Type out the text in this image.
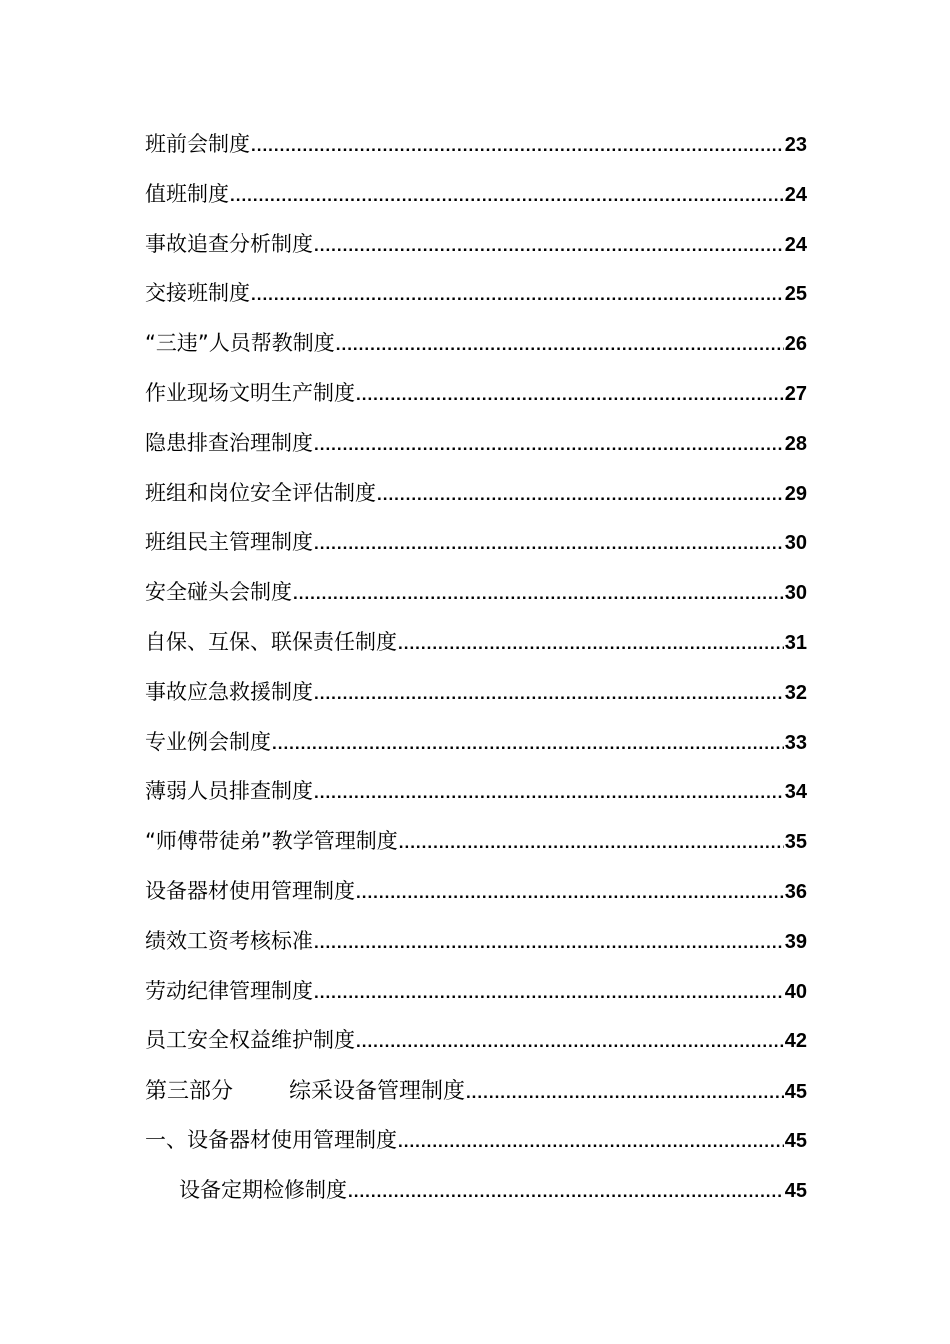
班前会制度 .....	23
值班制度 .....	24
事故追查分析制度 .....	24
交接班制度 .....	25
“三违”人员帮教制度 .....	26
作业现场文明生产制度 .....	27
隐患排查治理制度 .....	28
班组和岗位安全评估制度 .....	29
班组民主管理制度 .....	30
安全碰头会制度 .....	30
自保、互保、联保责任制度 .....	31
事故应急救援制度 .....	32
专业例会制度 .....	33
薄弱人员排查制度 .....	34
“师傅带徒弟”教学管理制度 .....	35
设备器材使用管理制度 .....	36
绩效工资考核标准 .....	39
劳动纪律管理制度 .....	40
员工安全权益维护制度 .....	42
第三部分        综采设备管理制度 .....	45
一、设备器材使用管理制度 .....	45
设备定期检修制度 .....	45
